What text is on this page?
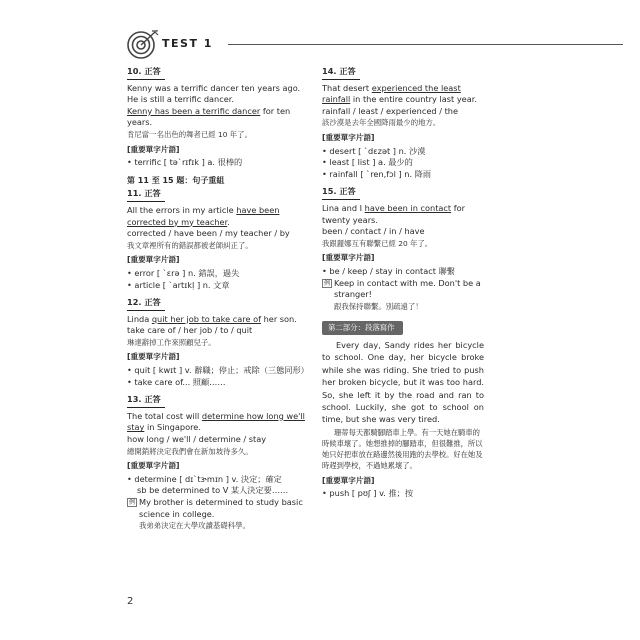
TEST 1
10. 正答
Kenny was a terrific dancer ten years ago.
He is still a terrific dancer.
Kenny has been a terrific dancer for ten years.
肯尼當一名出色的舞者已經 10 年了。
[重要單字片語]
• terrific [ tə`rɪfɪk ] a. 很棒的
第 11 至 15 題：句子重組
11. 正答
All the errors in my article have been corrected by my teacher.
corrected / have been / my teacher / by
我文章裡所有的錯誤都被老師糾正了。
[重要單字片語]
• error [ `ɛrə ] n. 錯誤，過失
• article [ `artɪkḷ ] n. 文章
12. 正答
Linda quit her job to take care of her son.
take care of / her job / to / quit
琳達辭掉工作來照顧兒子。
[重要單字片語]
• quit [ kwɪt ] v. 辭職；停止；戒除（三態同形）
• take care of... 照顧……
13. 正答
The total cost will determine how long we'll stay in Singapore.
how long / we'll / determine / stay
總開銷將決定我們會在新加坡待多久。
[重要單字片語]
• determine [ dɪ`tɝmɪn ] v. 決定；確定
sb be determined to V 某人決定要……
例 My brother is determined to study basic science in college.
我弟弟決定在大學攻讀基礎科學。
14. 正答
That desert experienced the least rainfall in the entire country last year.
rainfall / least / experienced / the
該沙漠是去年全國降雨最少的地方。
[重要單字片語]
• desert [ `dɛzət ] n. 沙漠
• least [ list ] a. 最少的
• rainfall [ `ren,fɔl ] n. 降雨
15. 正答
Lina and I have been in contact for twenty years.
been / contact / in / have
我跟麗娜互有聯繫已經 20 年了。
[重要單字片語]
• be / keep / stay in contact 聯繫
例 Keep in contact with me. Don't be a stranger!
跟我保持聯繫。別疏遠了！
第二部分：段落寫作
Every day, Sandy rides her bicycle to school. One day, her bicycle broke while she was riding. She tried to push her broken bicycle, but it was too hard. So, she left it by the road and ran to school. Luckily, she got to school on time, but she was very tired.
珊蒂每天都騎腳踏車上學。有一天她在騎車的時候車壞了。她想推掉的腳踏車，但很難推，所以她只好把車放在路邊然後用跑的去學校。好在她及時趕到學校，不過她累壞了。
[重要單字片語]
• push [ pʊʃ ] v. 推；按
2
